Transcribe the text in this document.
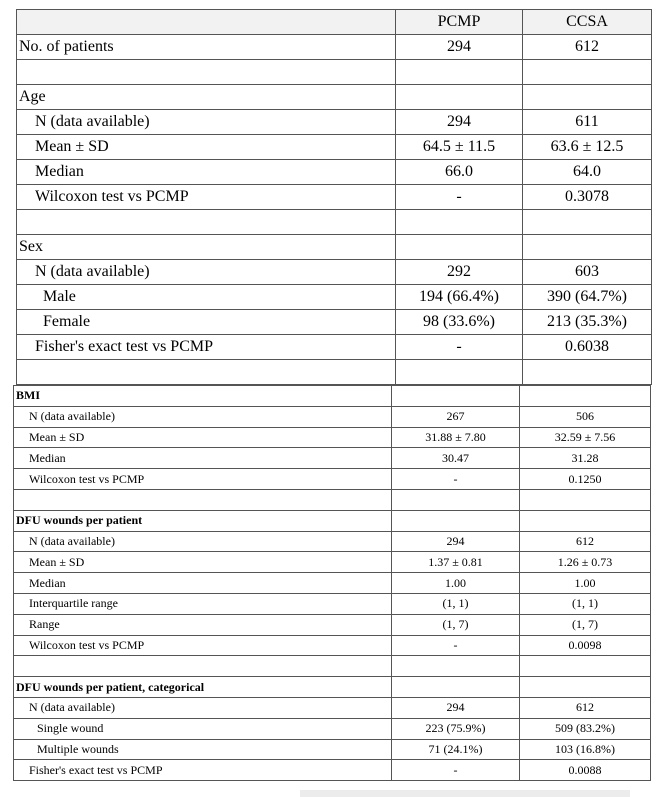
	PCMP	CCSA
No. of patients	294	612

Age		
N (data available)	294	611
Mean ± SD	64.5 ± 11.5	63.6 ± 12.5
Median	66.0	64.0
Wilcoxon test vs PCMP	-	0.3078

Sex		
N (data available)	292	603
Male	194 (66.4%)	390 (64.7%)
Female	98 (33.6%)	213 (35.3%)
Fisher's exact test vs PCMP	-	0.6038

BMI		
N (data available)	267	506
Mean ± SD	31.88 ± 7.80	32.59 ± 7.56
Median	30.47	31.28
Wilcoxon test vs PCMP	-	0.1250

DFU wounds per patient		
N (data available)	294	612
Mean ± SD	1.37 ± 0.81	1.26 ± 0.73
Median	1.00	1.00
Interquartile range	(1, 1)	(1, 1)
Range	(1, 7)	(1, 7)
Wilcoxon test vs PCMP	-	0.0098

DFU wounds per patient, categorical		
N (data available)	294	612
Single wound	223 (75.9%)	509 (83.2%)
Multiple wounds	71 (24.1%)	103 (16.8%)
Fisher's exact test vs PCMP	-	0.0088
